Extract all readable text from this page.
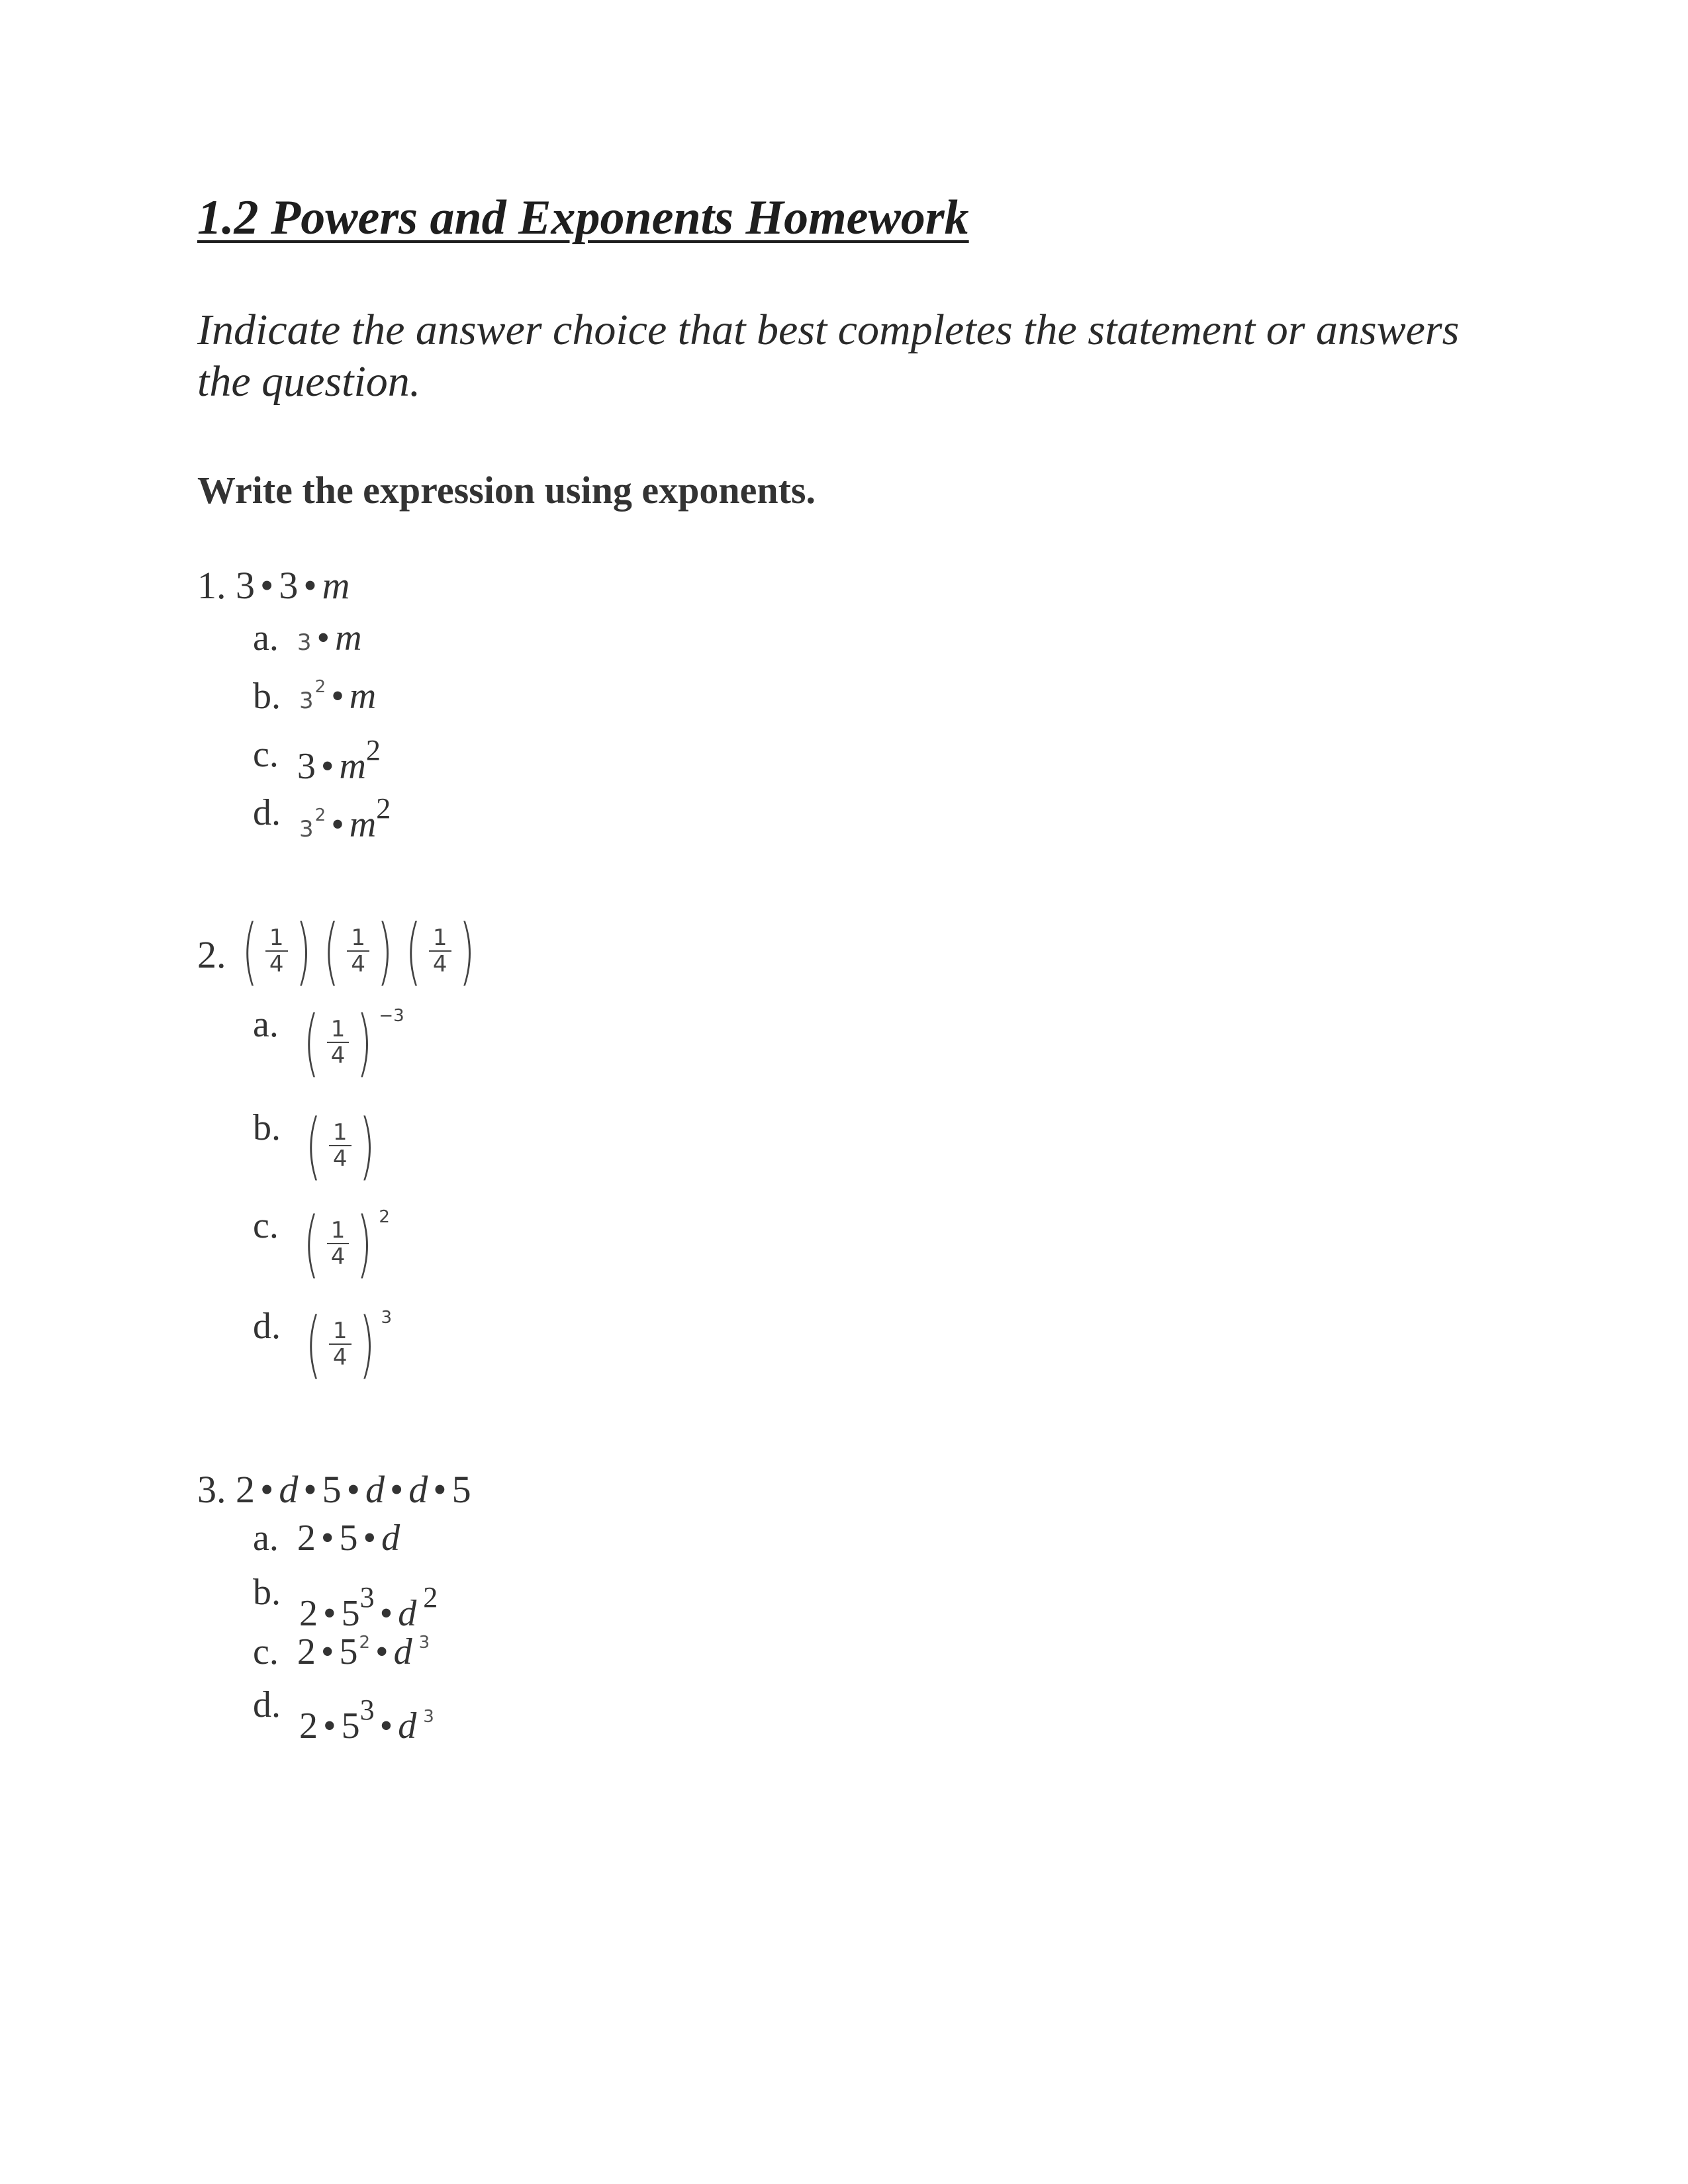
1.2 Powers and Exponents Homework

Indicate the answer choice that best completes the statement or answers the question.

Write the expression using exponents.
1. 3 • 3 • m
a. 3 • m
b. $3^2$ • m
c. 3 • $m^2$
d. $3^2$ • $m^2$
2. ( $\frac{1}{4}$ ) ( $\frac{1}{4}$ ) ( $\frac{1}{4}$ )
a. ( $\frac{1}{4}$ ) −3
b. ( $\frac{1}{4}$ )
c. ( $\frac{1}{4}$ ) 2
d. ( $\frac{1}{4}$ ) 3
3. 2 • d • 5 • d • d • 5
a. 2 • 5 • d
b. 2 • $5^3$ • d $^2$
c. 2 • $5^2$ • d $^3$
d. 2 • $5^3$ • d $^3$
